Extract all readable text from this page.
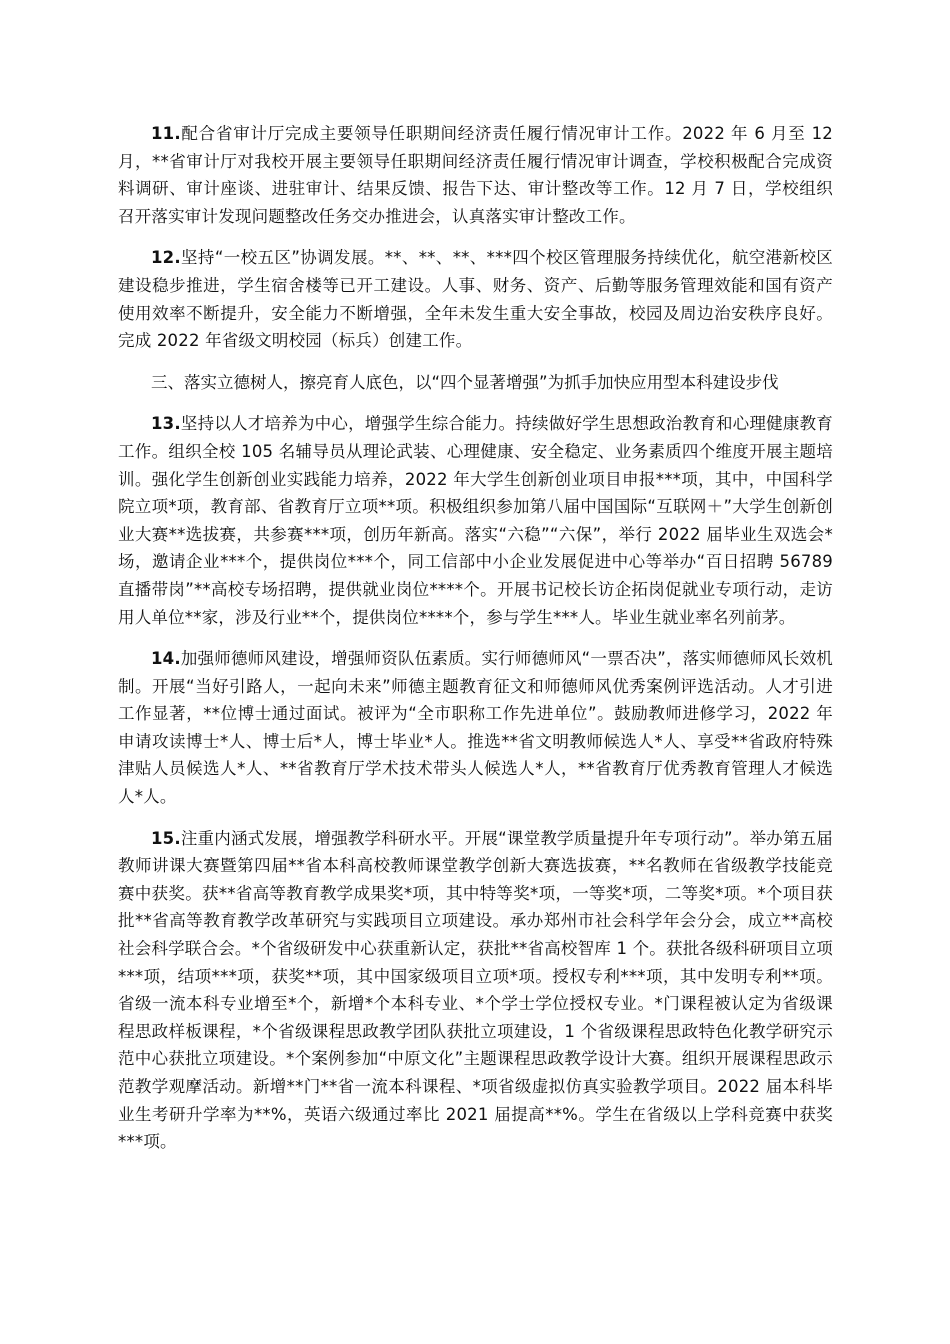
11.配合省审计厅完成主要领导任职期间经济责任履行情况审计工作。2022 年 6 月至 12 月，**省审计厅对我校开展主要领导任职期间经济责任履行情况审计调查，学校积极配合完成资料调研、审计座谈、进驻审计、结果反馈、报告下达、审计整改等工作。12 月 7 日，学校组织召开落实审计发现问题整改任务交办推进会，认真落实审计整改工作。

12.坚持“一校五区”协调发展。**、**、**、***四个校区管理服务持续优化，航空港新校区建设稳步推进，学生宿舍楼等已开工建设。人事、财务、资产、后勤等服务管理效能和国有资产使用效率不断提升，安全能力不断增强，全年未发生重大安全事故，校园及周边治安秩序良好。完成 2022 年省级文明校园（标兵）创建工作。

三、落实立德树人，擦亮育人底色，以“四个显著增强”为抓手加快应用型本科建设步伐

13.坚持以人才培养为中心，增强学生综合能力。持续做好学生思想政治教育和心理健康教育工作。组织全校 105 名辅导员从理论武装、心理健康、安全稳定、业务素质四个维度开展主题培训。强化学生创新创业实践能力培养，2022 年大学生创新创业项目申报***项，其中，中国科学院立项*项，教育部、省教育厅立项**项。积极组织参加第八届中国国际“互联网＋”大学生创新创业大赛**选拔赛，共参赛***项，创历年新高。落实“六稳”“六保”，举行 2022 届毕业生双选会*场，邀请企业***个，提供岗位***个，同工信部中小企业发展促进中心等举办“百日招聘 56789 直播带岗”**高校专场招聘，提供就业岗位****个。开展书记校长访企拓岗促就业专项行动，走访用人单位**家，涉及行业**个，提供岗位****个，参与学生***人。毕业生就业率名列前茅。

14.加强师德师风建设，增强师资队伍素质。实行师德师风“一票否决”，落实师德师风长效机制。开展“当好引路人，一起向未来”师德主题教育征文和师德师风优秀案例评选活动。人才引进工作显著，**位博士通过面试。被评为“全市职称工作先进单位”。鼓励教师进修学习，2022 年申请攻读博士*人、博士后*人，博士毕业*人。推选**省文明教师候选人*人、享受**省政府特殊津贴人员候选人*人、**省教育厅学术技术带头人候选人*人，**省教育厅优秀教育管理人才候选人*人。

15.注重内涵式发展，增强教学科研水平。开展“课堂教学质量提升年专项行动”。举办第五届教师讲课大赛暨第四届**省本科高校教师课堂教学创新大赛选拔赛，**名教师在省级教学技能竞赛中获奖。获**省高等教育教学成果奖*项，其中特等奖*项，一等奖*项，二等奖*项。*个项目获批**省高等教育教学改革研究与实践项目立项建设。承办郑州市社会科学年会分会，成立**高校社会科学联合会。*个省级研发中心获重新认定，获批**省高校智库 1 个。获批各级科研项目立项***项，结项***项，获奖**项，其中国家级项目立项*项。授权专利***项，其中发明专利**项。省级一流本科专业增至*个，新增*个本科专业、*个学士学位授权专业。*门课程被认定为省级课程思政样板课程，*个省级课程思政教学团队获批立项建设，1 个省级课程思政特色化教学研究示范中心获批立项建设。*个案例参加“中原文化”主题课程思政教学设计大赛。组织开展课程思政示范教学观摩活动。新增**门**省一流本科课程、*项省级虚拟仿真实验教学项目。2022 届本科毕业生考研升学率为**%，英语六级通过率比 2021 届提高**%。学生在省级以上学科竞赛中获奖***项。
